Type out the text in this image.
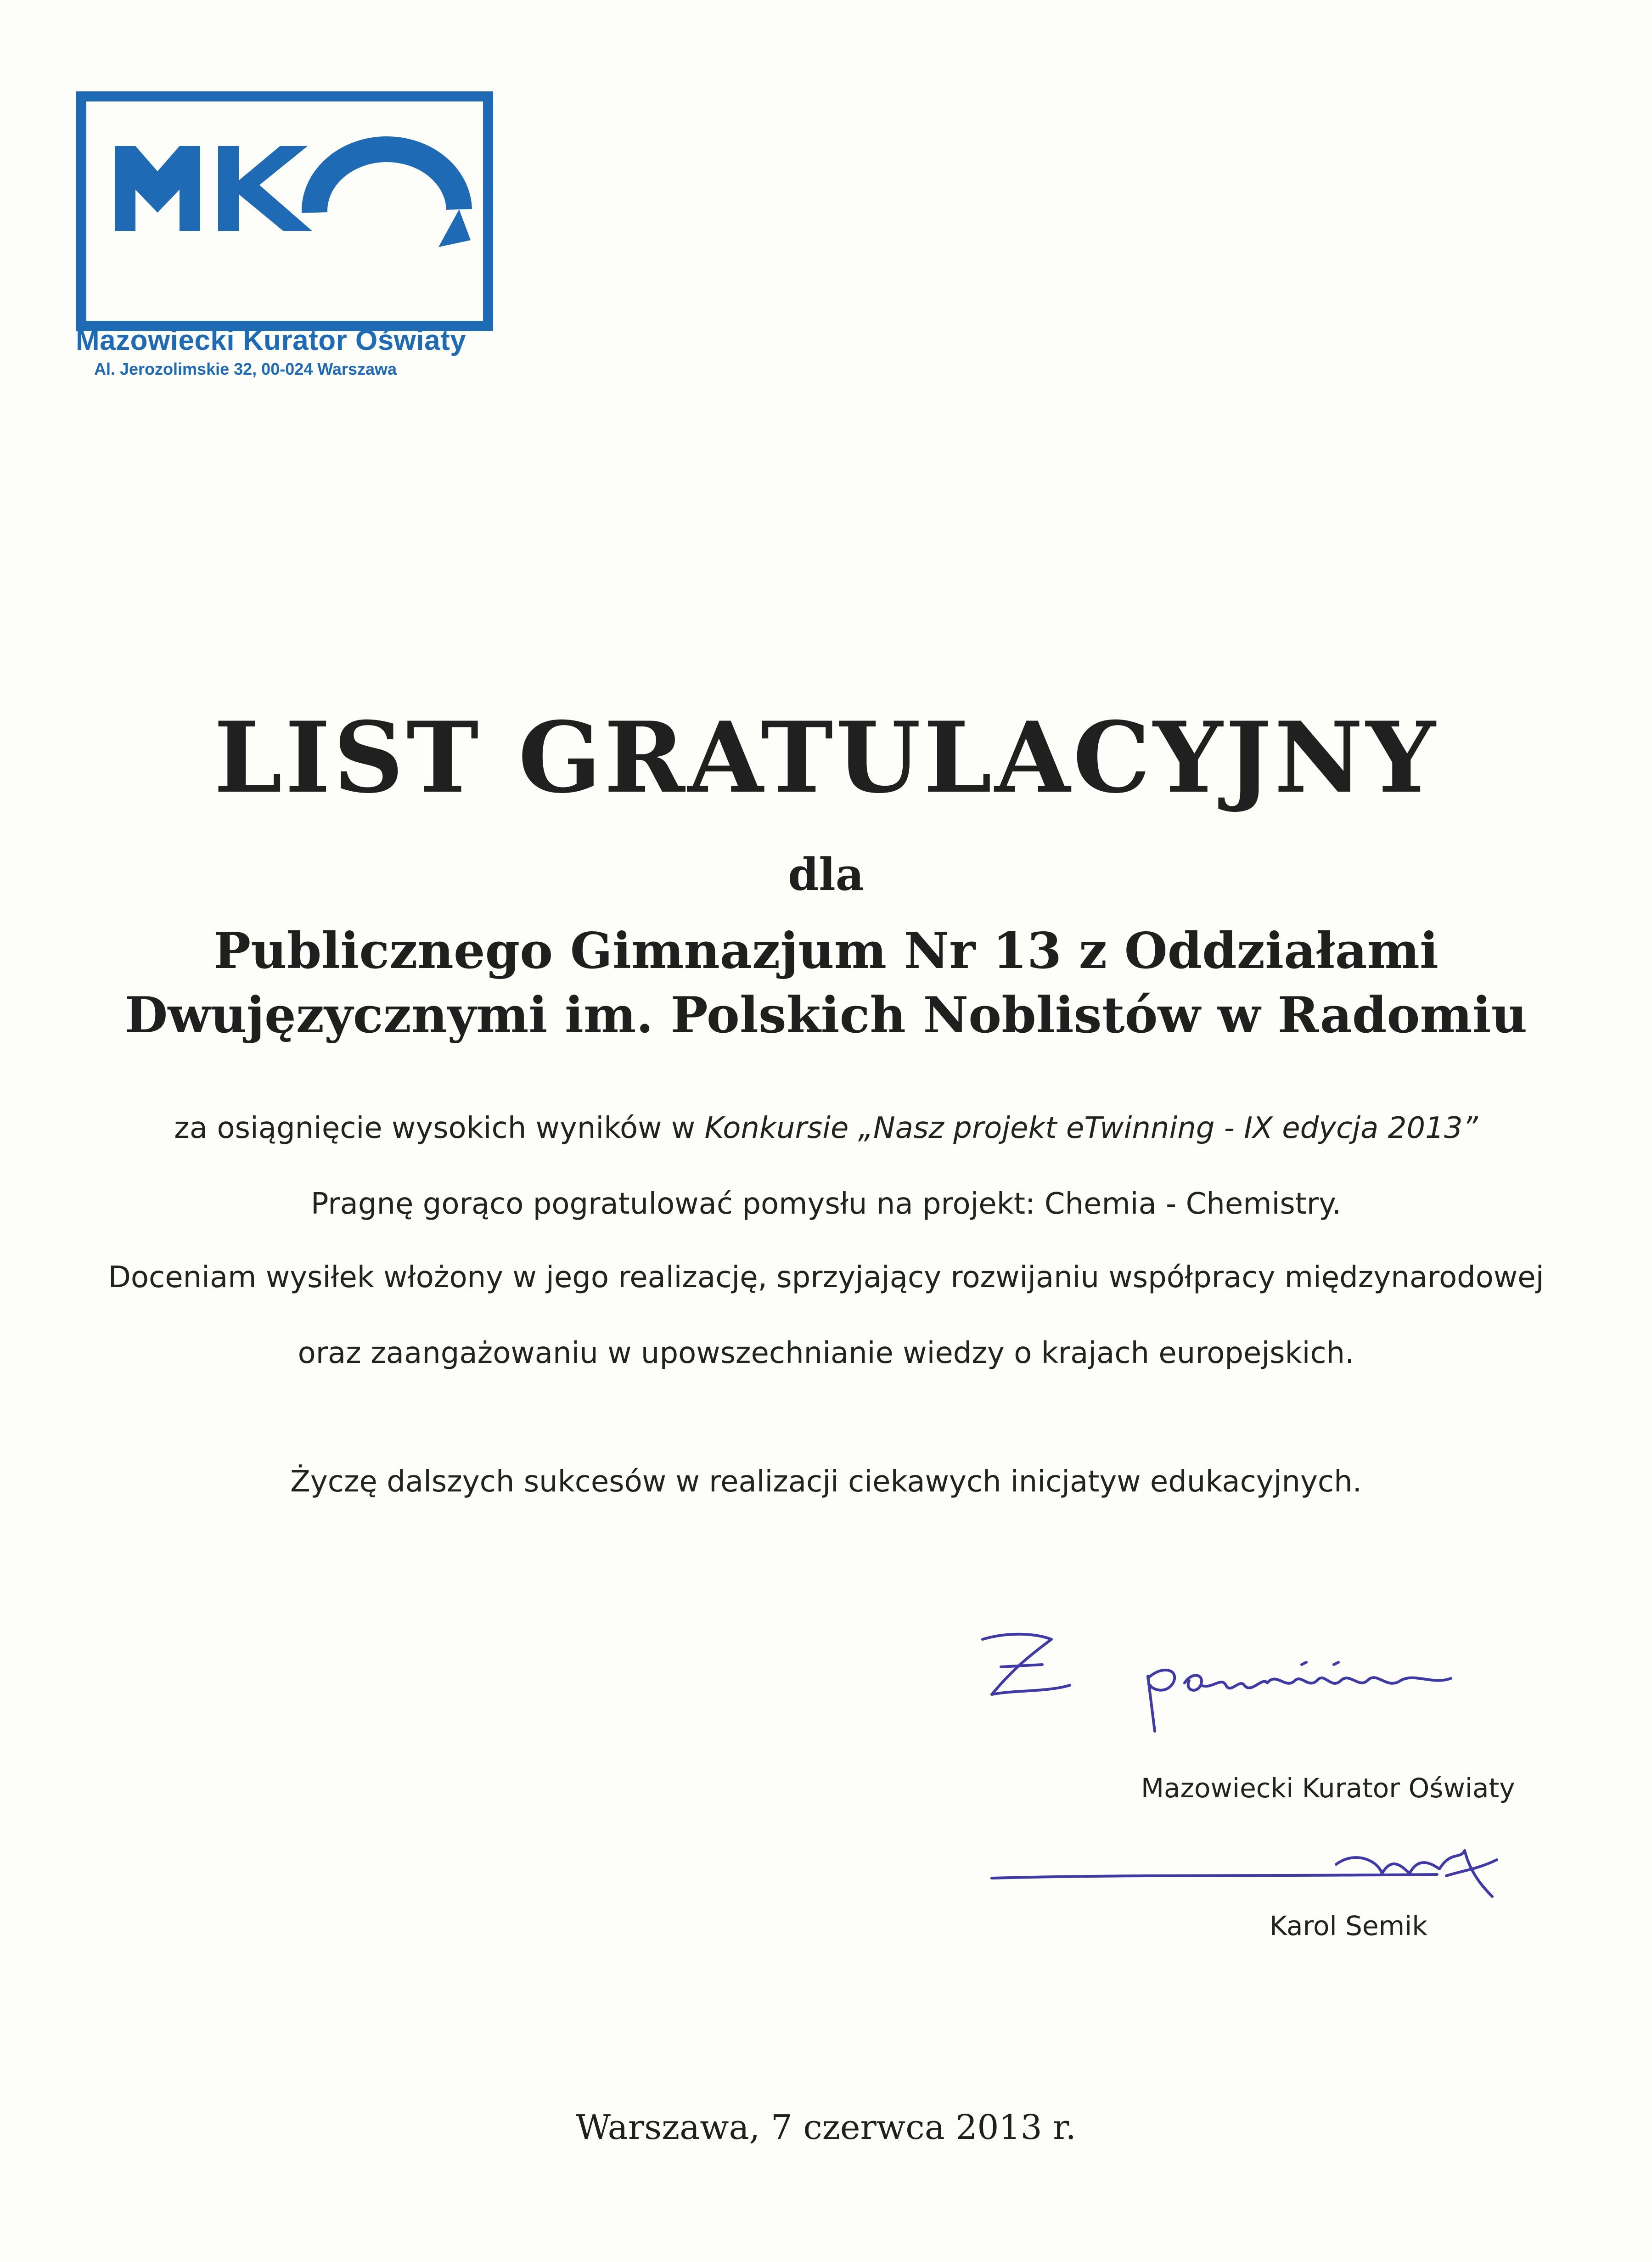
Mazowiecki Kurator Oświaty
Al. Jerozolimskie 32, 00-024 Warszawa
LIST GRATULACYJNY
dla
Publicznego Gimnazjum Nr 13 z Oddziałami
Dwujęzycznymi im. Polskich Noblistów w Radomiu
za osiągnięcie wysokich wyników w Konkursie „Nasz projekt eTwinning - IX edycja 2013”
Pragnę gorąco pogratulować pomysłu na projekt: Chemia - Chemistry.
Doceniam wysiłek włożony w jego realizację, sprzyjający rozwijaniu współpracy międzynarodowej
oraz zaangażowaniu w upowszechnianie wiedzy o krajach europejskich.
Życzę dalszych sukcesów w realizacji ciekawych inicjatyw edukacyjnych.
Mazowiecki Kurator Oświaty
Karol Semik
Warszawa, 7 czerwca 2013 r.
